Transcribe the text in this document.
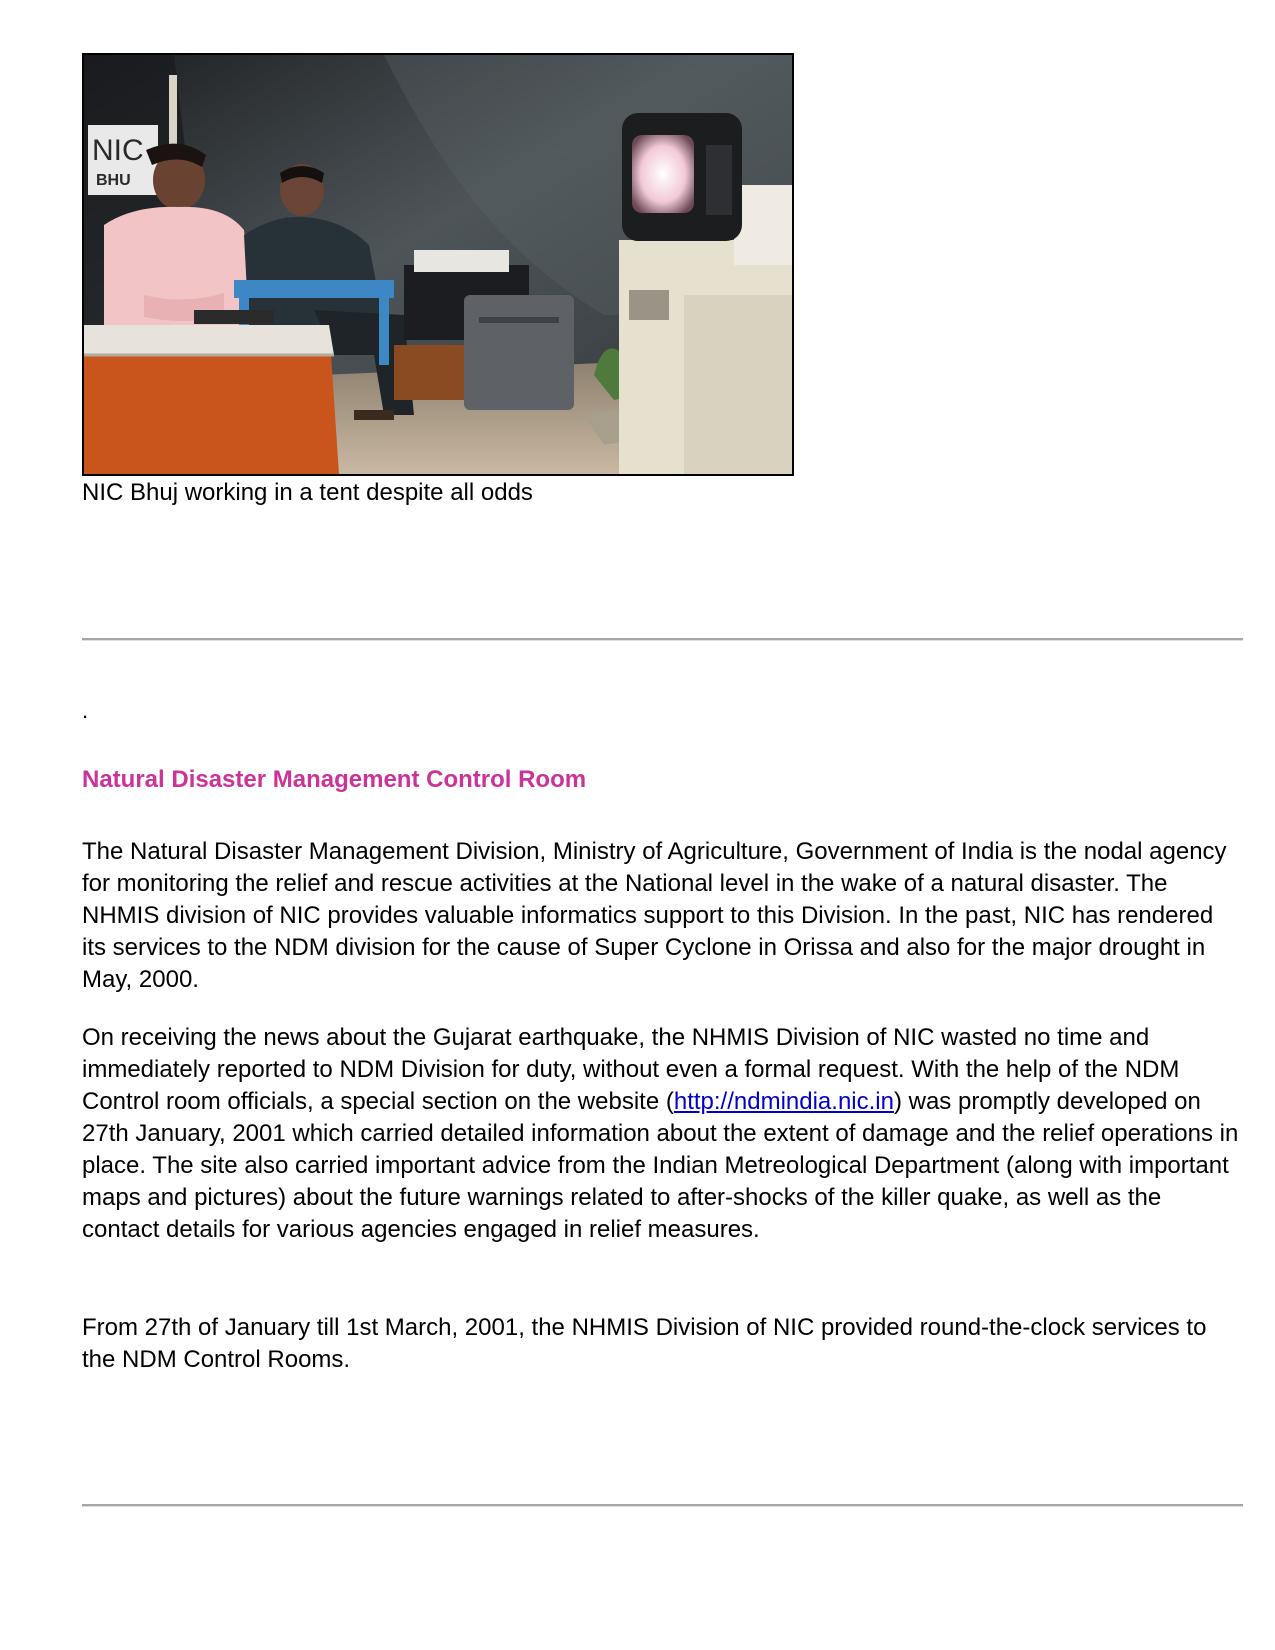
NIC
BHU
NIC Bhuj working in a tent despite all odds
.
Natural Disaster Management Control Room

The Natural Disaster Management Division, Ministry of Agriculture, Government of India is the nodal agency for monitoring the relief and rescue activities at the National level in the wake of a natural disaster. The NHMIS division of NIC provides valuable informatics support to this Division. In the past, NIC has rendered its services to the NDM division for the cause of Super Cyclone in Orissa and also for the major drought in May, 2000.

On receiving the news about the Gujarat earthquake, the NHMIS Division of NIC wasted no time and immediately reported to NDM Division for duty, without even a formal request. With the help of the NDM Control room officials, a special section on the website (http://ndmindia.nic.in) was promptly developed on 27th January, 2001 which carried detailed information about the extent of damage and the relief operations in place. The site also carried important advice from the Indian Metreological Department (along with important maps and pictures) about the future warnings related to after-shocks of the killer quake, as well as the contact details for various agencies engaged in relief measures.

From 27th of January till 1st March, 2001, the NHMIS Division of NIC provided round-the-clock services to the NDM Control Rooms.
